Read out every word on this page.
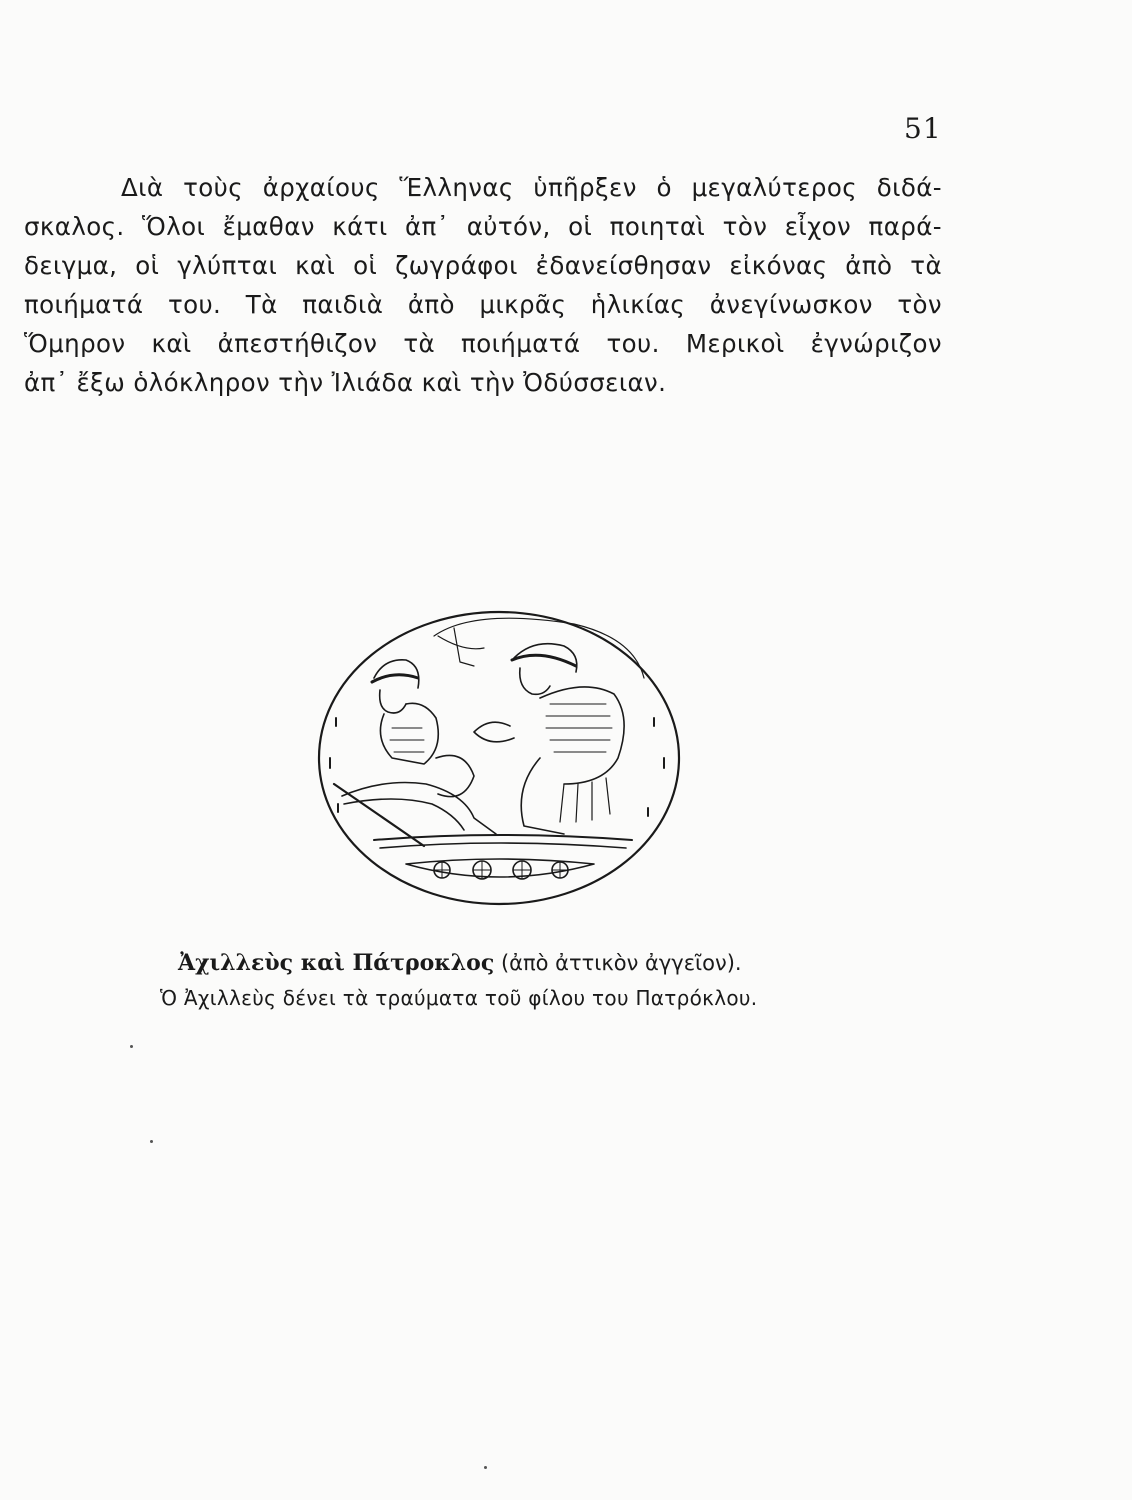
51

Διὰ τοὺς ἀρχαίους Ἕλληνας ὑπῆρξεν ὁ μεγαλύτερος διδά-
σκαλος. Ὅλοι ἔμαθαν κάτι ἀπ᾽ αὐτόν, οἱ ποιηταὶ τὸν εἶχον παρά-
δειγμα, οἱ γλύπται καὶ οἱ ζωγράφοι ἐδανείσθησαν εἰκόνας ἀπὸ τὰ
ποιήματά του. Τὰ παιδιὰ ἀπὸ μικρᾶς ἡλικίας ἀνεγίνωσκον τὸν
Ὅμηρον καὶ ἀπεστήθιζον τὰ ποιήματά του. Μερικοὶ ἐγνώριζον
ἀπ᾽ ἔξω ὁλόκληρον τὴν Ἰλιάδα καὶ τὴν Ὀδύσσειαν.

Ἀχιλλεὺς καὶ Πάτροκλος (ἀπὸ ἀττικὸν ἀγγεῖον).
Ὁ Ἀχιλλεὺς δένει τὰ τραύματα τοῦ φίλου του Πατρόκλου.
